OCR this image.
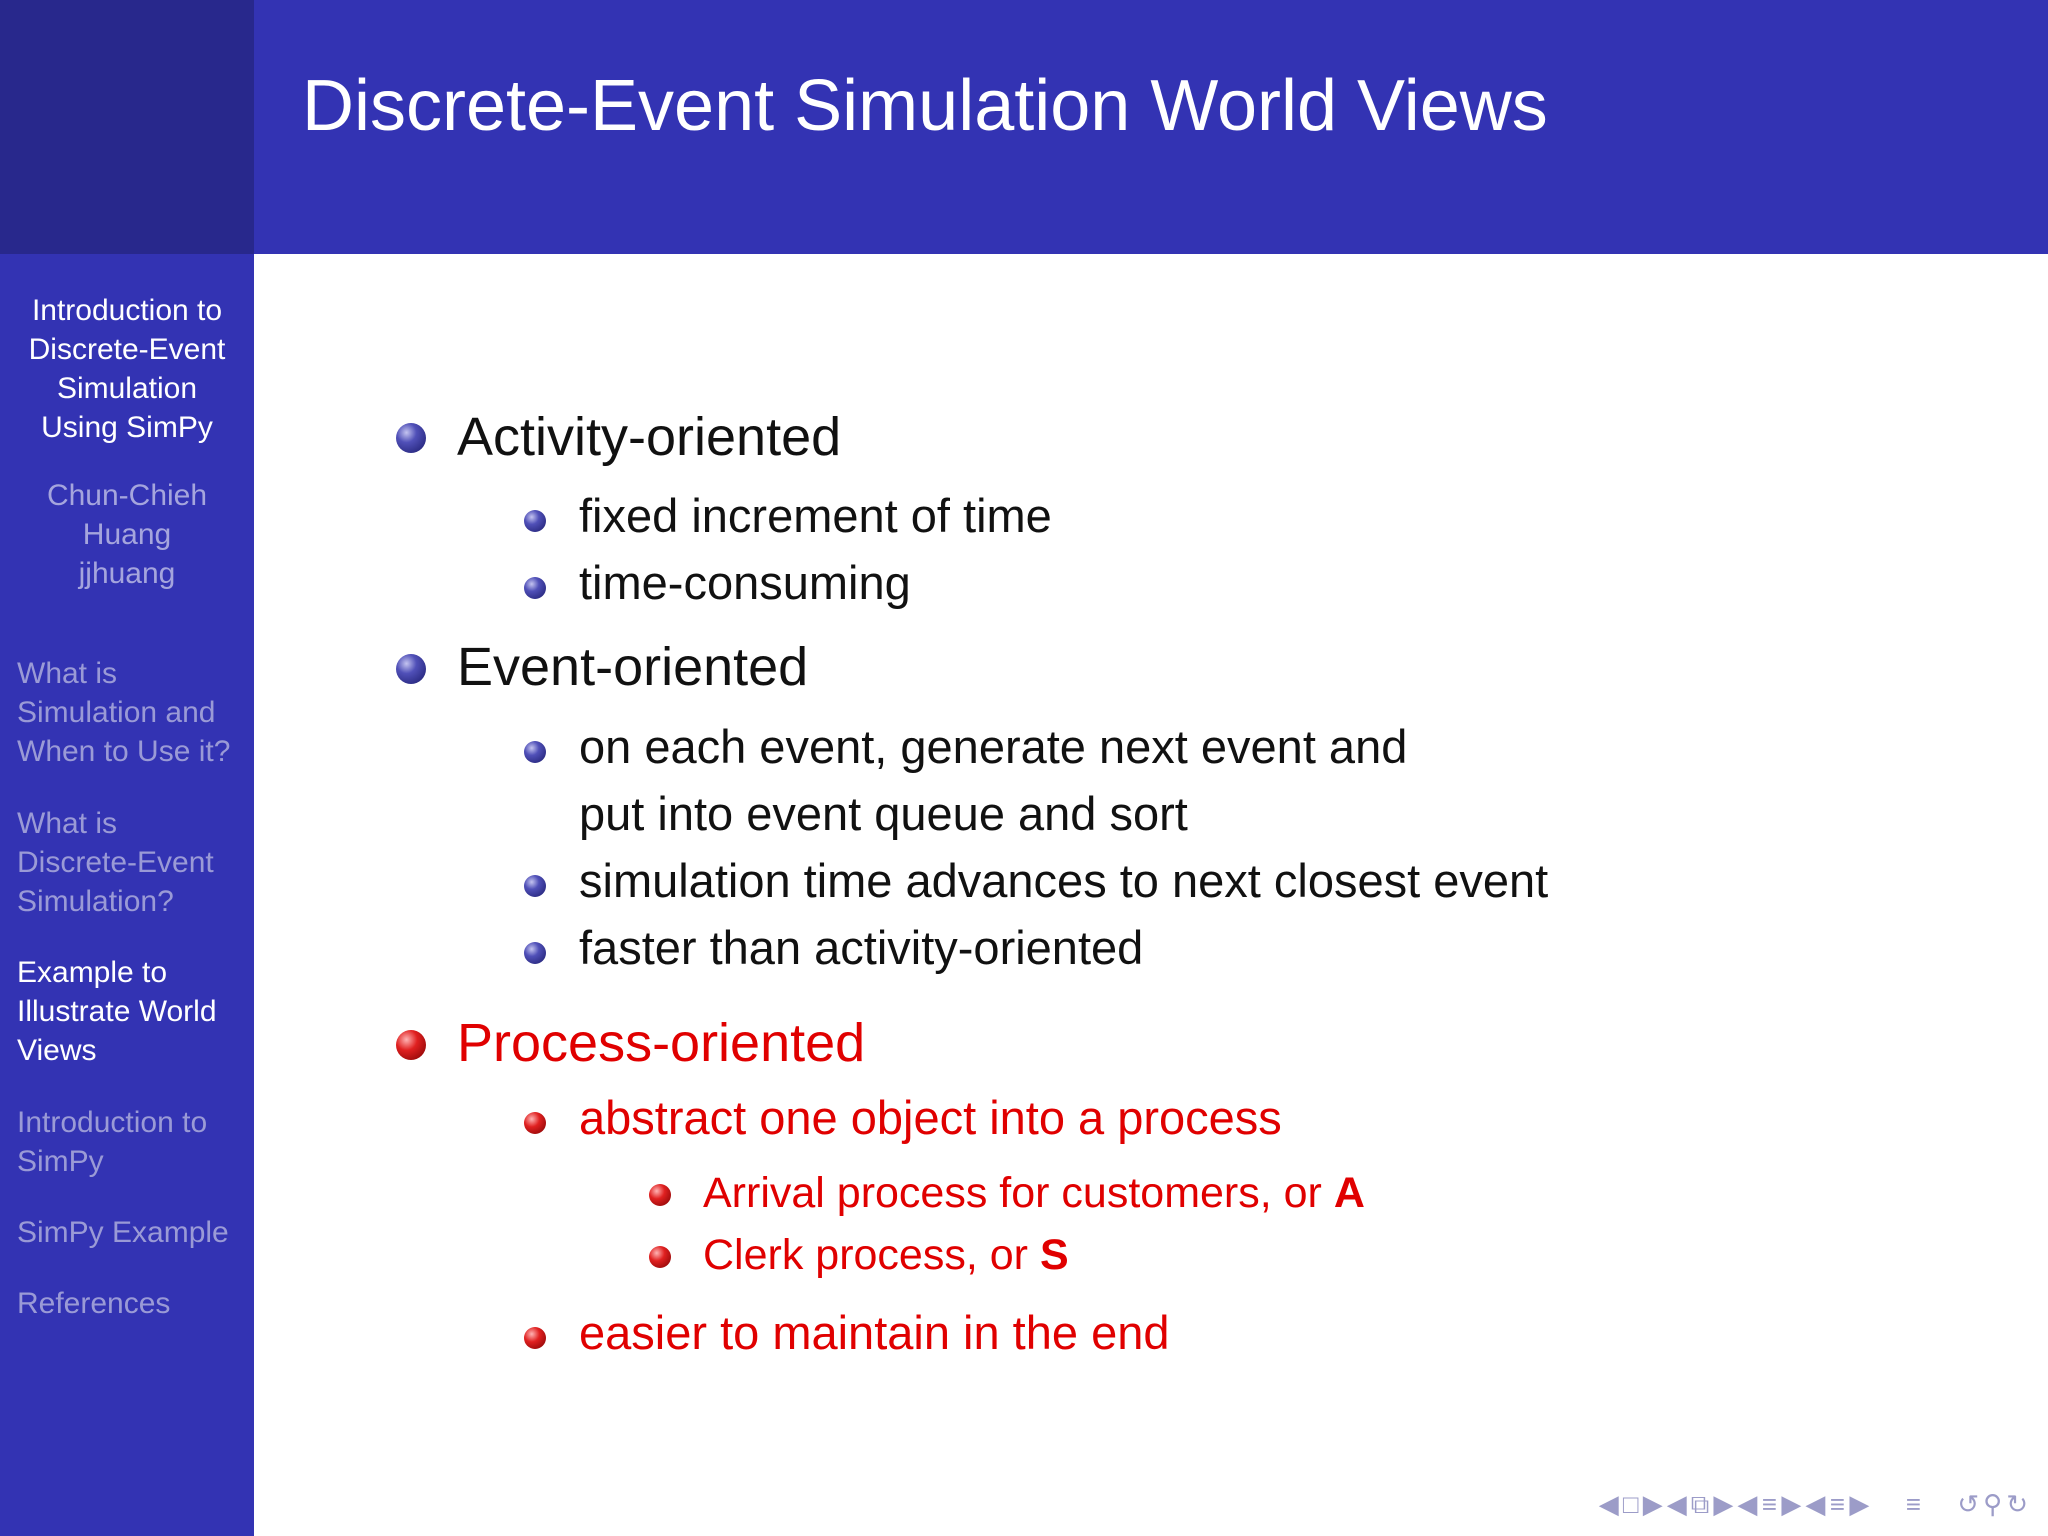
Discrete-Event Simulation World Views
Introduction to
Discrete-Event
Simulation
Using SimPy
Chun-Chieh
Huang
jjhuang
What is
Simulation and
When to Use it?
What is
Discrete-Event
Simulation?
Example to
Illustrate World
Views
Introduction to
SimPy
SimPy Example
References
Activity-oriented
fixed increment of time
time-consuming
Event-oriented
on each event, generate next event and
put into event queue and sort
simulation time advances to next closest event
faster than activity-oriented
Process-oriented
abstract one object into a process
Arrival process for customers, or A
Clerk process, or S
easier to maintain in the end
◀ □ ▶ ◀ ⧉ ▶ ◀ ≡ ▶ ◀ ≡ ▶ ≡ ↺ ⚲ ↻
